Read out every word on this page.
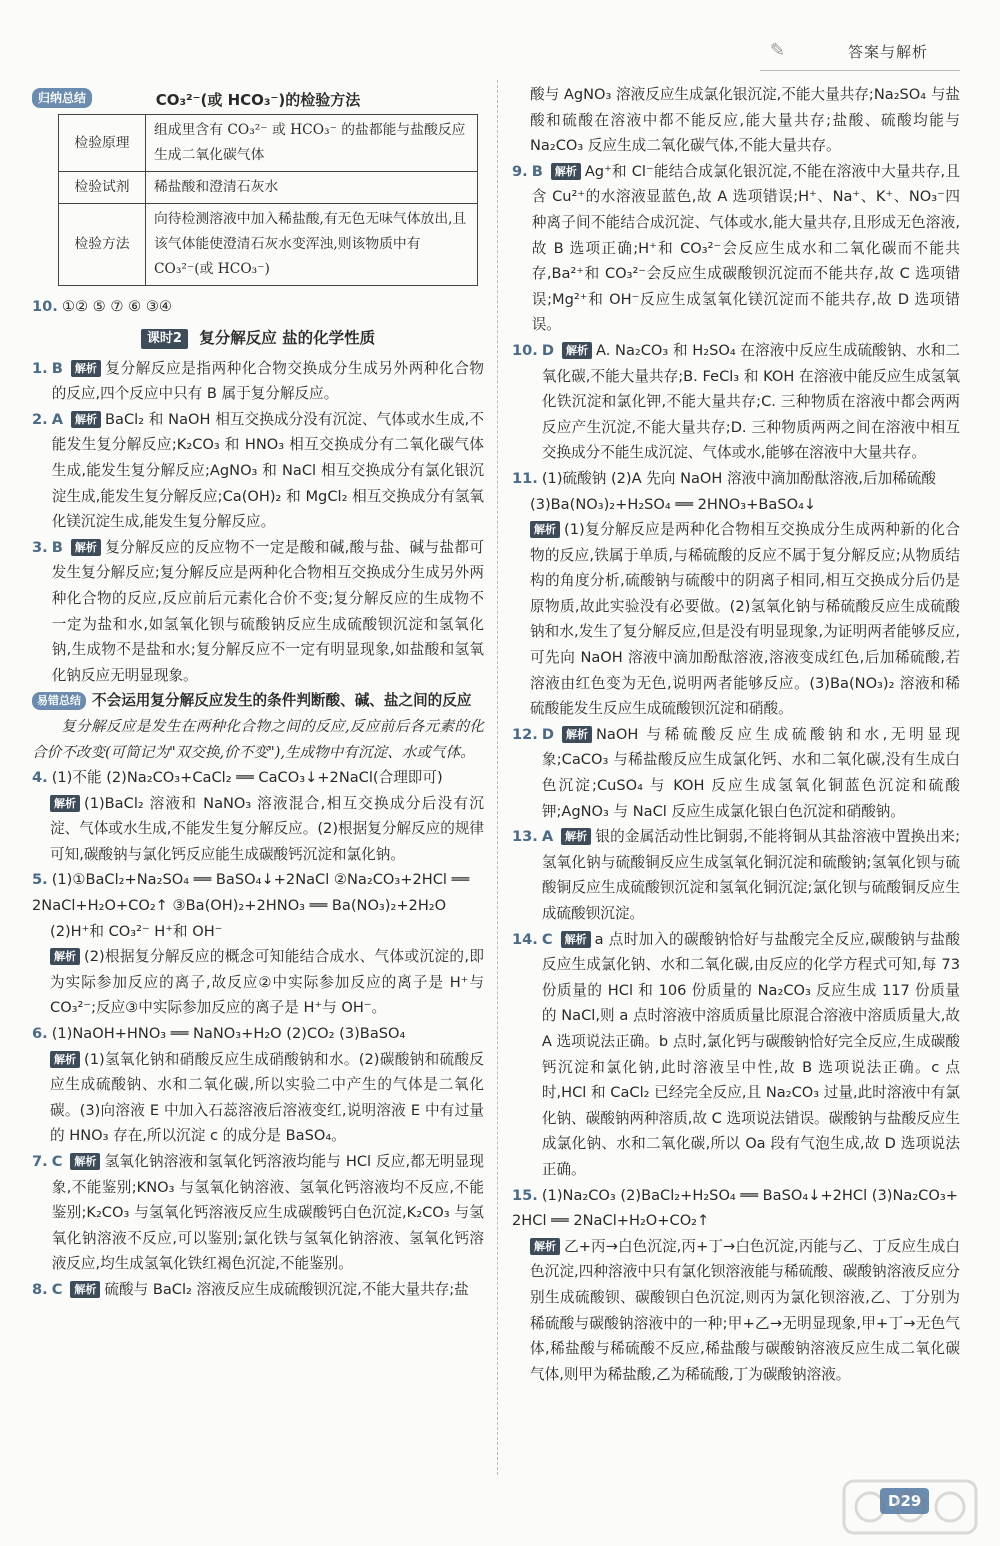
✎	答案与解析
归纳总结	CO₃²⁻(或 HCO₃⁻)的检验方法
检验原理	组成里含有 CO₃²⁻ 或 HCO₃⁻ 的盐都能与盐酸反应生成二氧化碳气体
检验试剂	稀盐酸和澄清石灰水
检验方法	向待检测溶液中加入稀盐酸,有无色无味气体放出,且该气体能使澄清石灰水变浑浊,则该物质中有 CO₃²⁻(或 HCO₃⁻)

10. ①② ⑤ ⑦ ⑥ ③④

课时2 复分解反应 盐的化学性质

1. B 解析 复分解反应是指两种化合物交换成分生成另外两种化合物的反应,四个反应中只有 B 属于复分解反应。

2. A 解析 BaCl₂ 和 NaOH 相互交换成分没有沉淀、气体或水生成,不能发生复分解反应;K₂CO₃ 和 HNO₃ 相互交换成分有二氧化碳气体生成,能发生复分解反应;AgNO₃ 和 NaCl 相互交换成分有氯化银沉淀生成,能发生复分解反应;Ca(OH)₂ 和 MgCl₂ 相互交换成分有氢氧化镁沉淀生成,能发生复分解反应。

3. B 解析 复分解反应的反应物不一定是酸和碱,酸与盐、碱与盐都可发生复分解反应;复分解反应是两种化合物相互交换成分生成另外两种化合物的反应,反应前后元素化合价不变;复分解反应的生成物不一定为盐和水,如氢氧化钡与硫酸钠反应生成硫酸钡沉淀和氢氧化钠,生成物不是盐和水;复分解反应不一定有明显现象,如盐酸和氢氧化钠反应无明显现象。

易错总结 不会运用复分解反应发生的条件判断酸、碱、盐之间的反应

复分解反应是发生在两种化合物之间的反应,反应前后各元素的化合价不改变(可简记为"双交换,价不变"),生成物中有沉淀、水或气体。

4. (1)不能 (2)Na₂CO₃+CaCl₂ ══ CaCO₃↓+2NaCl(合理即可)

解析 (1)BaCl₂ 溶液和 NaNO₃ 溶液混合,相互交换成分后没有沉淀、气体或水生成,不能发生复分解反应。(2)根据复分解反应的规律可知,碳酸钠与氯化钙反应能生成碳酸钙沉淀和氯化钠。

5. (1)①BaCl₂+Na₂SO₄ ══ BaSO₄↓+2NaCl ②Na₂CO₃+2HCl ══

2NaCl+H₂O+CO₂↑ ③Ba(OH)₂+2HNO₃ ══ Ba(NO₃)₂+2H₂O

(2)H⁺和 CO₃²⁻ H⁺和 OH⁻

解析 (2)根据复分解反应的概念可知能结合成水、气体或沉淀的,即为实际参加反应的离子,故反应②中实际参加反应的离子是 H⁺与 CO₃²⁻;反应③中实际参加反应的离子是 H⁺与 OH⁻。

6. (1)NaOH+HNO₃ ══ NaNO₃+H₂O (2)CO₂ (3)BaSO₄

解析 (1)氢氧化钠和硝酸反应生成硝酸钠和水。(2)碳酸钠和硫酸反应生成硫酸钠、水和二氧化碳,所以实验二中产生的气体是二氧化碳。(3)向溶液 E 中加入石蕊溶液后溶液变红,说明溶液 E 中有过量的 HNO₃ 存在,所以沉淀 c 的成分是 BaSO₄。

7. C 解析 氢氧化钠溶液和氢氧化钙溶液均能与 HCl 反应,都无明显现象,不能鉴别;KNO₃ 与氢氧化钠溶液、氢氧化钙溶液均不反应,不能鉴别;K₂CO₃ 与氢氧化钙溶液反应生成碳酸钙白色沉淀,K₂CO₃ 与氢氧化钠溶液不反应,可以鉴别;氯化铁与氢氧化钠溶液、氢氧化钙溶液反应,均生成氢氧化铁红褐色沉淀,不能鉴别。

8. C 解析 硫酸与 BaCl₂ 溶液反应生成硫酸钡沉淀,不能大量共存;盐

酸与 AgNO₃ 溶液反应生成氯化银沉淀,不能大量共存;Na₂SO₄ 与盐酸和硫酸在溶液中都不能反应,能大量共存;盐酸、硫酸均能与 Na₂CO₃ 反应生成二氧化碳气体,不能大量共存。

9. B 解析 Ag⁺和 Cl⁻能结合成氯化银沉淀,不能在溶液中大量共存,且含 Cu²⁺的水溶液显蓝色,故 A 选项错误;H⁺、Na⁺、K⁺、NO₃⁻四种离子间不能结合成沉淀、气体或水,能大量共存,且形成无色溶液,故 B 选项正确;H⁺和 CO₃²⁻会反应生成水和二氧化碳而不能共存,Ba²⁺和 CO₃²⁻会反应生成碳酸钡沉淀而不能共存,故 C 选项错误;Mg²⁺和 OH⁻反应生成氢氧化镁沉淀而不能共存,故 D 选项错误。

10. D 解析 A. Na₂CO₃ 和 H₂SO₄ 在溶液中反应生成硫酸钠、水和二氧化碳,不能大量共存;B. FeCl₃ 和 KOH 在溶液中能反应生成氢氧化铁沉淀和氯化钾,不能大量共存;C. 三种物质在溶液中都会两两反应产生沉淀,不能大量共存;D. 三种物质两两之间在溶液中相互交换成分不能生成沉淀、气体或水,能够在溶液中大量共存。

11. (1)硫酸钠 (2)A 先向 NaOH 溶液中滴加酚酞溶液,后加稀硫酸

(3)Ba(NO₃)₂+H₂SO₄ ══ 2HNO₃+BaSO₄↓

解析 (1)复分解反应是两种化合物相互交换成分生成两种新的化合物的反应,铁属于单质,与稀硫酸的反应不属于复分解反应;从物质结构的角度分析,硫酸钠与硫酸中的阴离子相同,相互交换成分后仍是原物质,故此实验没有必要做。(2)氢氧化钠与稀硫酸反应生成硫酸钠和水,发生了复分解反应,但是没有明显现象,为证明两者能够反应,可先向 NaOH 溶液中滴加酚酞溶液,溶液变成红色,后加稀硫酸,若溶液由红色变为无色,说明两者能够反应。(3)Ba(NO₃)₂ 溶液和稀硫酸能发生反应生成硫酸钡沉淀和硝酸。

12. D 解析 NaOH 与稀硫酸反应生成硫酸钠和水,无明显现象;CaCO₃ 与稀盐酸反应生成氯化钙、水和二氧化碳,没有生成白色沉淀;CuSO₄ 与 KOH 反应生成氢氧化铜蓝色沉淀和硫酸钾;AgNO₃ 与 NaCl 反应生成氯化银白色沉淀和硝酸钠。

13. A 解析 银的金属活动性比铜弱,不能将铜从其盐溶液中置换出来;氢氧化钠与硫酸铜反应生成氢氧化铜沉淀和硫酸钠;氢氧化钡与硫酸铜反应生成硫酸钡沉淀和氢氧化铜沉淀;氯化钡与硫酸铜反应生成硫酸钡沉淀。

14. C 解析 a 点时加入的碳酸钠恰好与盐酸完全反应,碳酸钠与盐酸反应生成氯化钠、水和二氧化碳,由反应的化学方程式可知,每 73 份质量的 HCl 和 106 份质量的 Na₂CO₃ 反应生成 117 份质量的 NaCl,则 a 点时溶液中溶质质量比原混合溶液中溶质质量大,故 A 选项说法正确。b 点时,氯化钙与碳酸钠恰好完全反应,生成碳酸钙沉淀和氯化钠,此时溶液呈中性,故 B 选项说法正确。c 点时,HCl 和 CaCl₂ 已经完全反应,且 Na₂CO₃ 过量,此时溶液中有氯化钠、碳酸钠两种溶质,故 C 选项说法错误。碳酸钠与盐酸反应生成氯化钠、水和二氧化碳,所以 Oa 段有气泡生成,故 D 选项说法正确。

15. (1)Na₂CO₃ (2)BaCl₂+H₂SO₄ ══ BaSO₄↓+2HCl (3)Na₂CO₃+

2HCl ══ 2NaCl+H₂O+CO₂↑

解析 乙+丙→白色沉淀,丙+丁→白色沉淀,丙能与乙、丁反应生成白色沉淀,四种溶液中只有氯化钡溶液能与稀硫酸、碳酸钠溶液反应分别生成硫酸钡、碳酸钡白色沉淀,则丙为氯化钡溶液,乙、丁分别为稀硫酸与碳酸钠溶液中的一种;甲+乙→无明显现象,甲+丁→无色气体,稀盐酸与稀硫酸不反应,稀盐酸与碳酸钠溶液反应生成二氧化碳气体,则甲为稀盐酸,乙为稀硫酸,丁为碳酸钠溶液。

D29
